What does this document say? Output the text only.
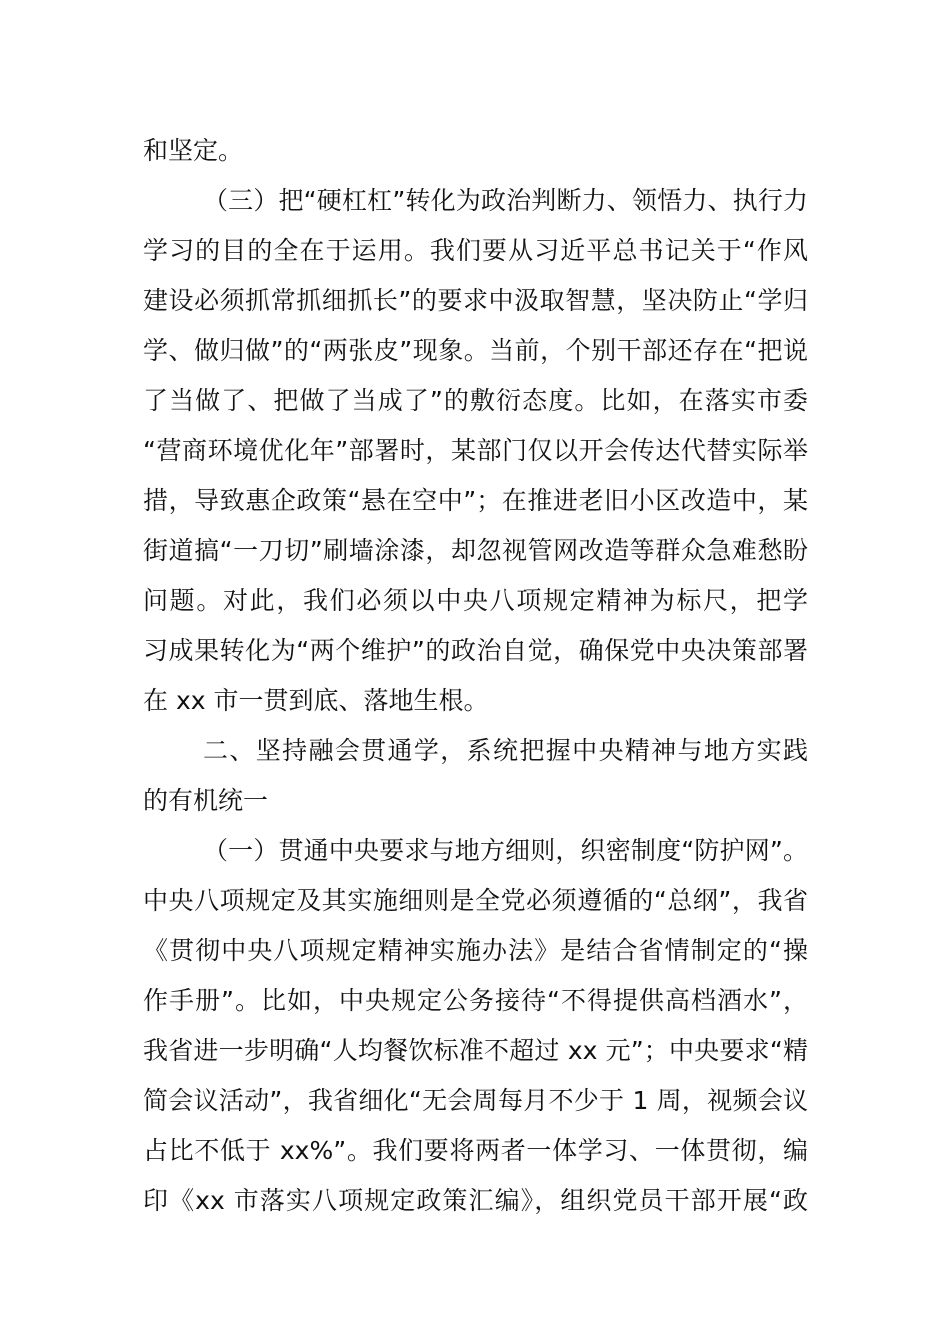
和坚定。
（三）把“硬杠杠”转化为政治判断力、领悟力、执行力
学习的目的全在于运用。我们要从习近平总书记关于“作风
建设必须抓常抓细抓长”的要求中汲取智慧，坚决防止“学归
学、做归做”的“两张皮”现象。当前，个别干部还存在“把说
了当做了、把做了当成了”的敷衍态度。比如，在落实市委
“营商环境优化年”部署时，某部门仅以开会传达代替实际举
措，导致惠企政策“悬在空中”；在推进老旧小区改造中，某
街道搞“一刀切”刷墙涂漆，却忽视管网改造等群众急难愁盼
问题。对此，我们必须以中央八项规定精神为标尺，把学
习成果转化为“两个维护”的政治自觉，确保党中央决策部署
在 xx 市一贯到底、落地生根。
二、坚持融会贯通学，系统把握中央精神与地方实践
的有机统一
（一）贯通中央要求与地方细则，织密制度“防护网”。
中央八项规定及其实施细则是全党必须遵循的“总纲”，我省
《贯彻中央八项规定精神实施办法》是结合省情制定的“操
作手册”。比如，中央规定公务接待“不得提供高档酒水”，
我省进一步明确“人均餐饮标准不超过 xx 元”；中央要求“精
简会议活动”，我省细化“无会周每月不少于 1 周，视频会议
占比不低于 xx%”。我们要将两者一体学习、一体贯彻，编
印《xx 市落实八项规定政策汇编》，组织党员干部开展“政
